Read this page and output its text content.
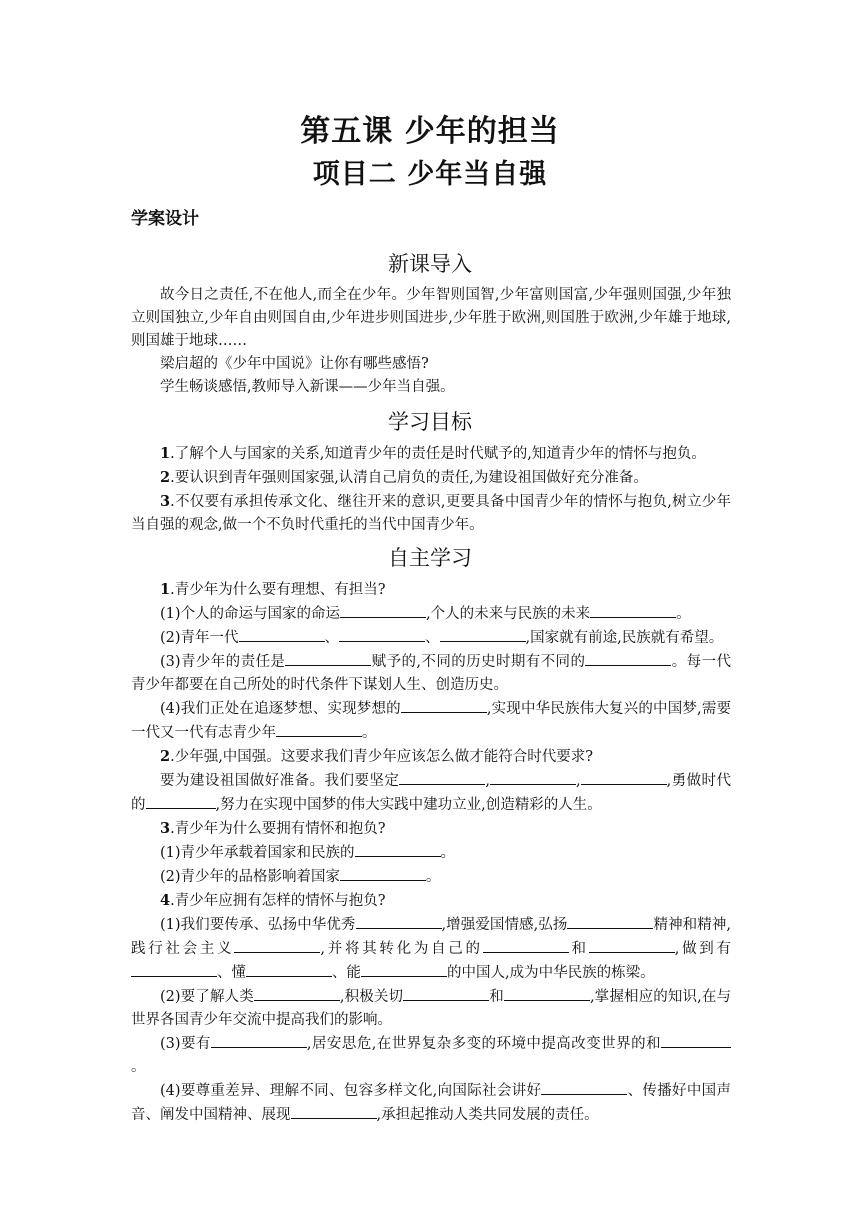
第五课 少年的担当
项目二 少年当自强
学案设计
新课导入

故今日之责任,不在他人,而全在少年。少年智则国智,少年富则国富,少年强则国强,少年独立则国独立,少年自由则国自由,少年进步则国进步,少年胜于欧洲,则国胜于欧洲,少年雄于地球,则国雄于地球……

梁启超的《少年中国说》让你有哪些感悟?

学生畅谈感悟,教师导入新课——少年当自强。

学习目标

1.了解个人与国家的关系,知道青少年的责任是时代赋予的,知道青少年的情怀与抱负。

2.要认识到青年强则国家强,认清自己肩负的责任,为建设祖国做好充分准备。

3.不仅要有承担传承文化、继往开来的意识,更要具备中国青少年的情怀与抱负,树立少年当自强的观念,做一个不负时代重托的当代中国青少年。

自主学习

1.青少年为什么要有理想、有担当?

(1)个人的命运与国家的命运	,个人的未来与民族的未来	。

(2)青年一代	、	、	,国家就有前途,民族就有希望。

(3)青少年的责任是	赋予的,不同的历史时期有不同的	。每一代青少年都要在自己所处的时代条件下谋划人生、创造历史。

(4)我们正处在追逐梦想、实现梦想的	,实现中华民族伟大复兴的中国梦,需要一代又一代有志青少年	。

2.少年强,中国强。这要求我们青少年应该怎么做才能符合时代要求?

要为建设祖国做好准备。我们要坚定	,	,	,勇做时代的	,努力在实现中国梦的伟大实践中建功立业,创造精彩的人生。

3.青少年为什么要拥有情怀和抱负?

(1)青少年承载着国家和民族的	。

(2)青少年的品格影响着国家	。

4.青少年应拥有怎样的情怀与抱负?

(1)我们要传承、弘扬中华优秀	,增强爱国情感,弘扬	精神和精神,践行社会主义	,并将其转化为自己的	和	,做到有、懂	、能	的中国人,成为中华民族的栋梁。

(2)要了解人类	,积极关切	和	,掌握相应的知识,在与世界各国青少年交流中提高我们的影响。

(3)要有	,居安思危,在世界复杂多变的环境中提高改变世界的和。

(4)要尊重差异、理解不同、包容多样文化,向国际社会讲好	、传播好中国声音、阐发中国精神、展现	,承担起推动人类共同发展的责任。
